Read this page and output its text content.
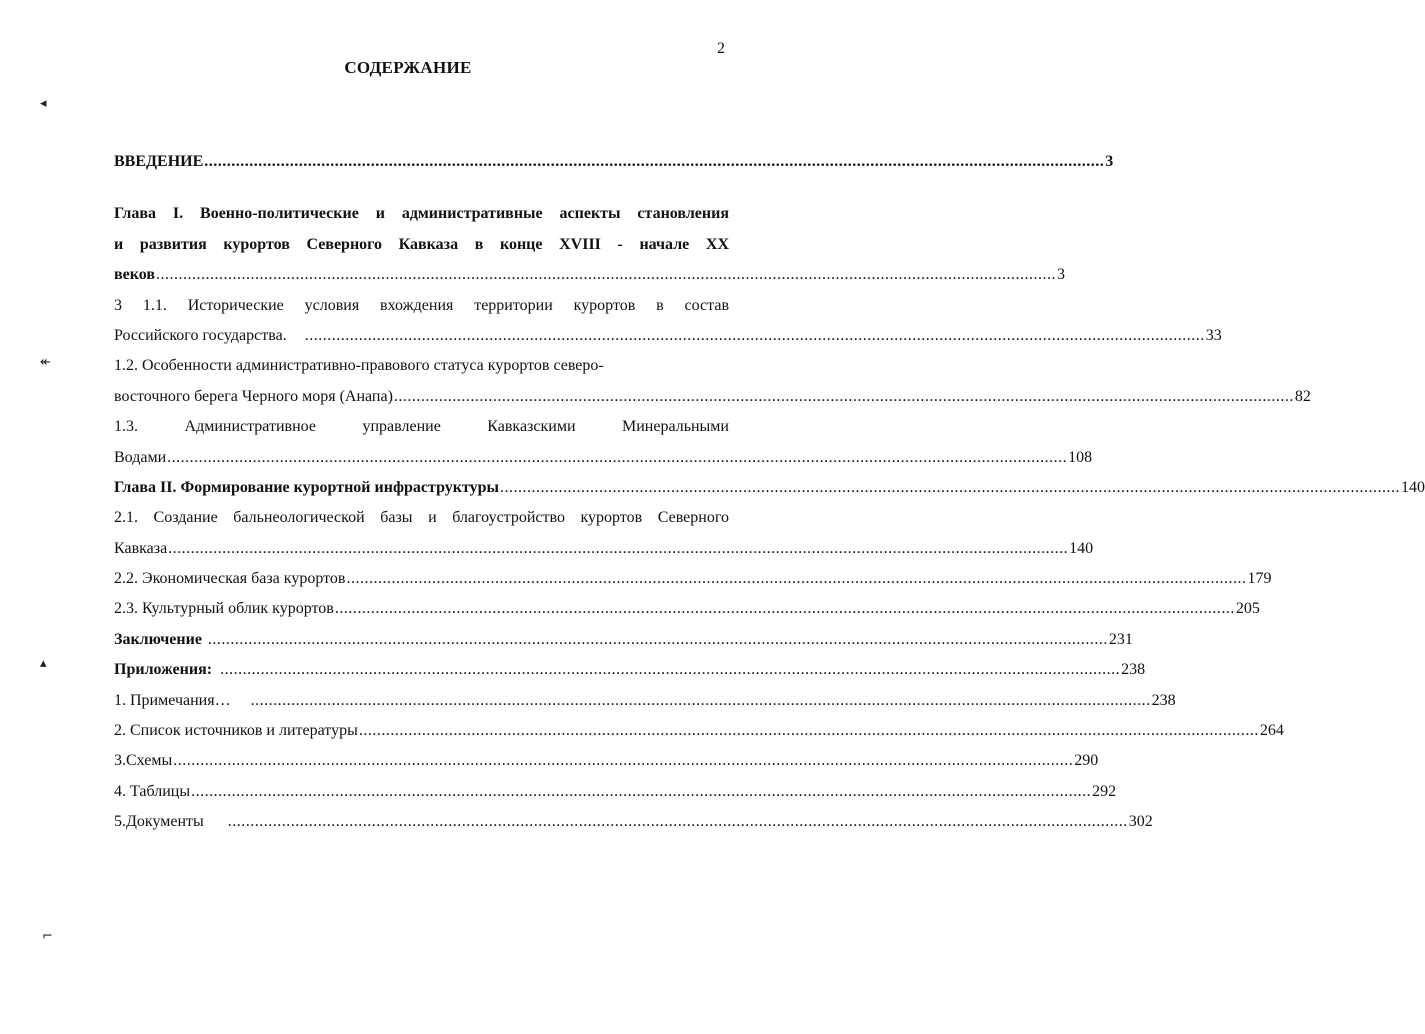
2
СОДЕРЖАНИЕ
◂
↞
▴
⌐
ВВЕДЕНИЕ ........................................................................................................................................................................................................ 3
Глава I. Военно-политические и административные аспекты становления
и развития курортов Северного Кавказа в конце XVIII - начале XX
веков ........................................................................................................................................................................................................ 3
3 1.1. Исторические условия вхождения территории курортов в состав
Российского государства. ........................................................................................................................................................................................................ 33
1.2. Особенности административно-правового статуса курортов северо-
восточного берега Черного моря (Анапа) ........................................................................................................................................................................................................ 82
1.3. Административное управление Кавказскими Минеральными
Водами ........................................................................................................................................................................................................ 108
Глава II. Формирование курортной инфраструктуры ........................................................................................................................................................................................................ 140
2.1. Создание бальнеологической базы и благоустройство курортов Северного
Кавказа ........................................................................................................................................................................................................ 140
2.2. Экономическая база курортов ........................................................................................................................................................................................................ 179
2.3. Культурный облик курортов ........................................................................................................................................................................................................ 205
Заключение ........................................................................................................................................................................................................ 231
Приложения: ........................................................................................................................................................................................................ 238
1. Примечания… ........................................................................................................................................................................................................ 238
2. Список источников и литературы ........................................................................................................................................................................................................ 264
3.Схемы ........................................................................................................................................................................................................ 290
4. Таблицы ........................................................................................................................................................................................................ 292
5.Документы ........................................................................................................................................................................................................ 302
